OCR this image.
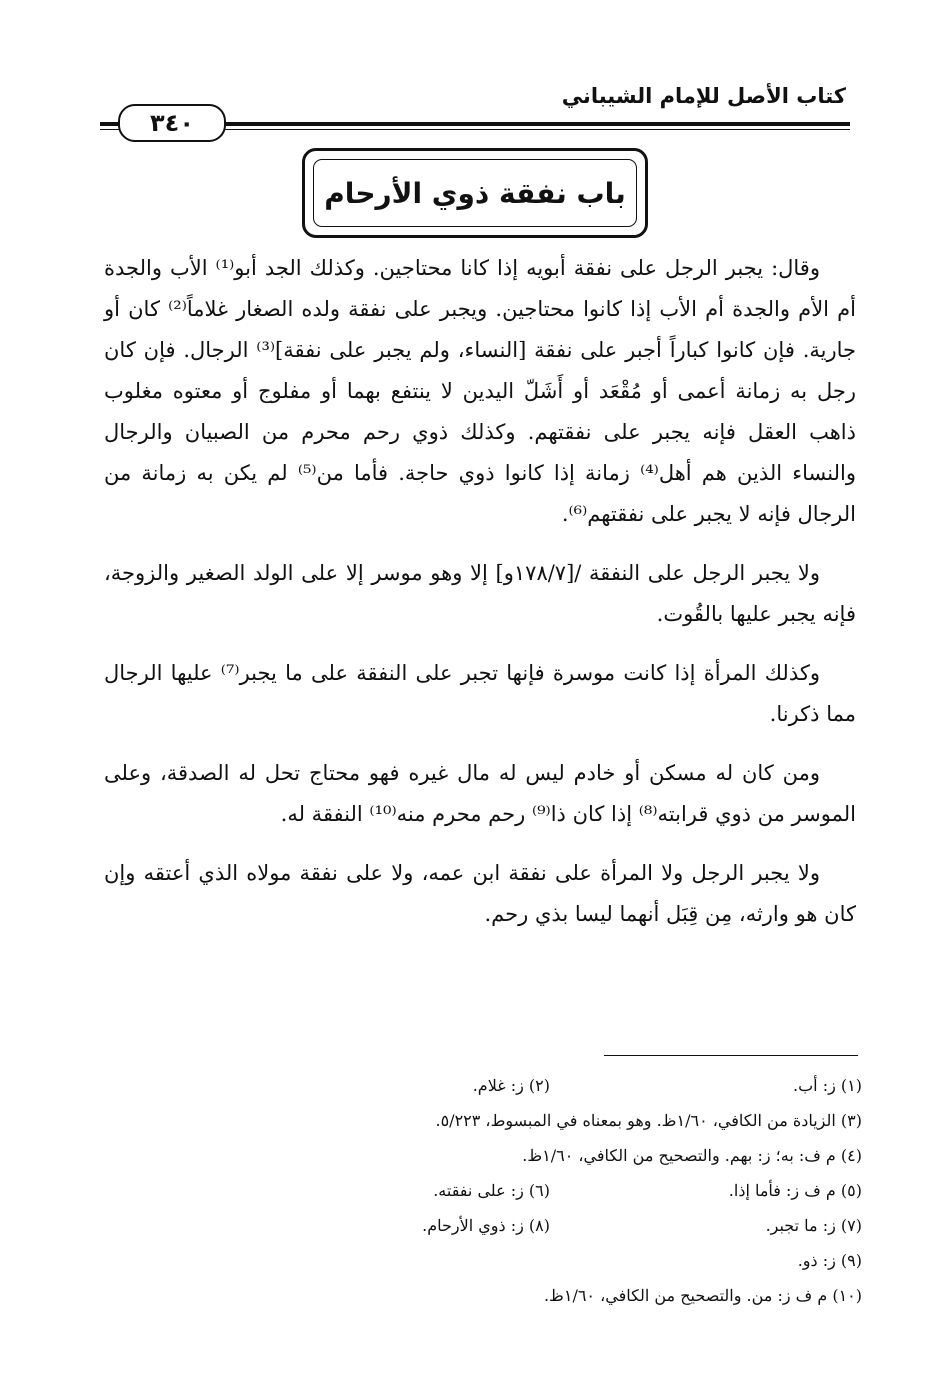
كتاب الأصل للإمام الشيباني
٣٤٠
باب نفقة ذوي الأرحام

وقال: يجبر الرجل على نفقة أبويه إذا كانا محتاجين. وكذلك الجد أبو⁽¹⁾ الأب والجدة أم الأم والجدة أم الأب إذا كانوا محتاجين. ويجبر على نفقة ولده الصغار غلاماً⁽²⁾ كان أو جارية. فإن كانوا كباراً أجبر على نفقة [النساء، ولم يجبر على نفقة]⁽³⁾ الرجال. فإن كان رجل به زمانة أعمى أو مُقْعَد أو أَشَلّ اليدين لا ينتفع بهما أو مفلوج أو معتوه مغلوب ذاهب العقل فإنه يجبر على نفقتهم. وكذلك ذوي رحم محرم من الصبيان والرجال والنساء الذين هم أهل⁽⁴⁾ زمانة إذا كانوا ذوي حاجة. فأما من⁽⁵⁾ لم يكن به زمانة من الرجال فإنه لا يجبر على نفقتهم⁽⁶⁾.

ولا يجبر الرجل على النفقة /[١٧٨/٧و] إلا وهو موسر إلا على الولد الصغير والزوجة، فإنه يجبر عليها بالقُوت.

وكذلك المرأة إذا كانت موسرة فإنها تجبر على النفقة على ما يجبر⁽⁷⁾ عليها الرجال مما ذكرنا.

ومن كان له مسكن أو خادم ليس له مال غيره فهو محتاج تحل له الصدقة، وعلى الموسر من ذوي قرابته⁽⁸⁾ إذا كان ذا⁽⁹⁾ رحم محرم منه⁽¹⁰⁾ النفقة له.

ولا يجبر الرجل ولا المرأة على نفقة ابن عمه، ولا على نفقة مولاه الذي أعتقه وإن كان هو وارثه، مِن قِبَل أنهما ليسا بذي رحم.

(١) ز: أب.
(٢) ز: غلام.
(٣) الزيادة من الكافي، ١/٦٠ظ. وهو بمعناه في المبسوط، ٥/٢٢٣.
(٤) م ف: به؛ ز: بهم. والتصحيح من الكافي، ١/٦٠ظ.
(٥) م ف ز: فأما إذا.
(٦) ز: على نفقته.
(٧) ز: ما تجبر.
(٨) ز: ذوي الأرحام.
(٩) ز: ذو.
(١٠) م ف ز: من. والتصحيح من الكافي، ١/٦٠ظ.
